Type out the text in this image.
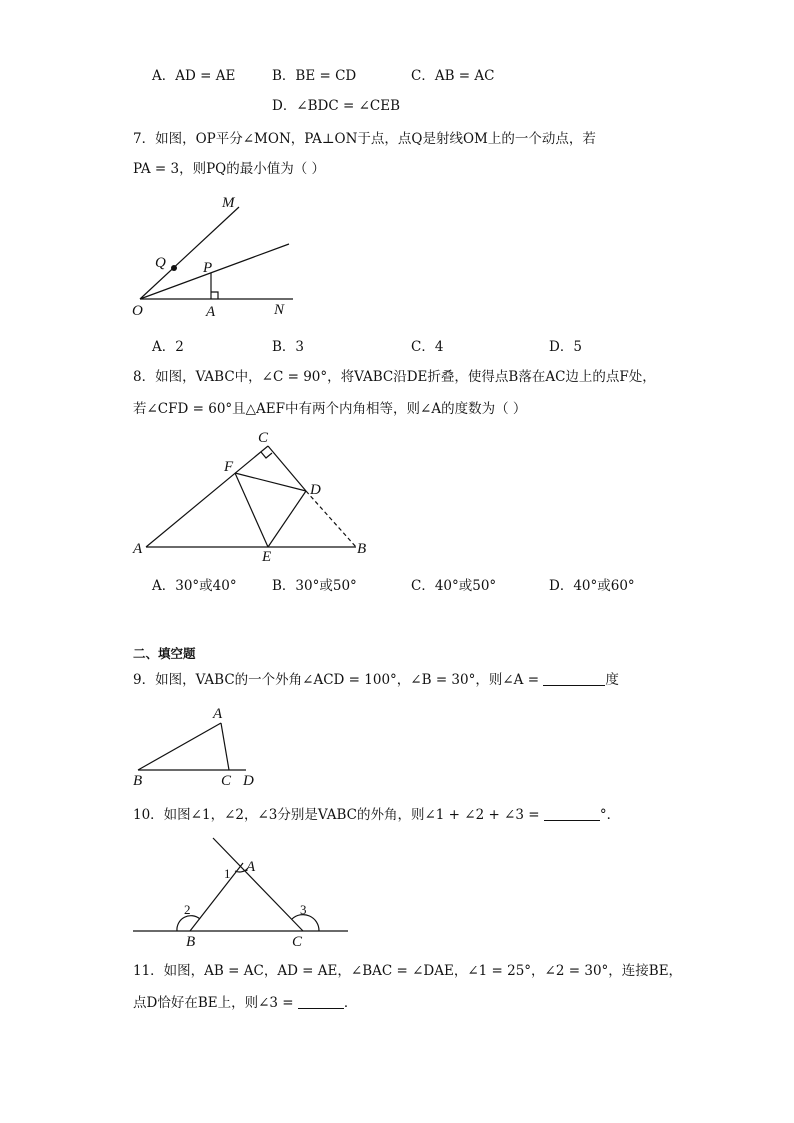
A．AD = AE	B．BE = CD	C．AB = AC
D．∠BDC = ∠CEB
7．如图，OP平分∠MON，PA⊥ON于点，点Q是射线OM上的一个动点，若
PA = 3，则PQ的最小值为（ ）
M
Q P
O	A	N
A．2	B．3	C．4	D．5
8．如图，VABC中，∠C = 90°，将VABC沿DE折叠，使得点B落在AC边上的点F处，
若∠CFD = 60°且△AEF中有两个内角相等，则∠A的度数为（ ）
C
F
D
A	E	B
A．30°或40°	B．30°或50°	C．40°或50°	D．40°或60°
二、填空题
9．如图，VABC的一个外角∠ACD = 100°，∠B = 30°，则∠A =	度
A
B	C D
10．如图∠1，∠2，∠3分别是VABC的外角，则∠1 + ∠2 + ∠3 =	°．
A
1
2	3
B	C
11．如图，AB = AC，AD = AE，∠BAC = ∠DAE，∠1 = 25°，∠2 = 30°，连接BE，
点D恰好在BE上，则∠3 =	．
